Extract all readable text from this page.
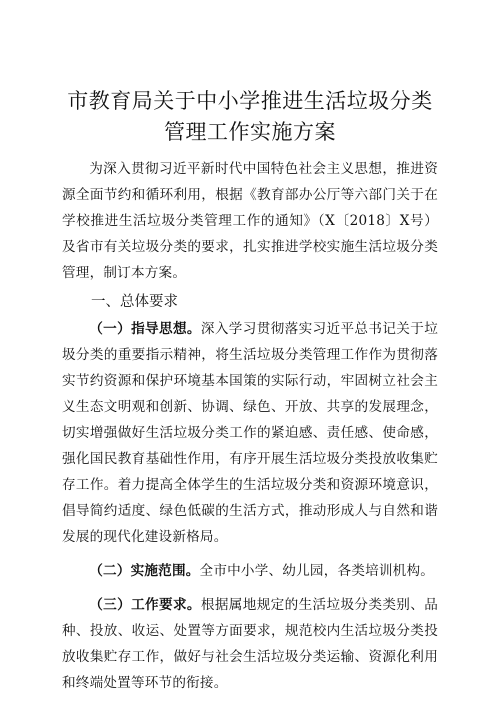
市教育局关于中小学推进生活垃圾分类管理工作实施方案

为深入贯彻习近平新时代中国特色社会主义思想，推进资源全面节约和循环利用，根据《教育部办公厅等六部门关于在学校推进生活垃圾分类管理工作的通知》（X〔2018〕X号）及省市有关垃圾分类的要求，扎实推进学校实施生活垃圾分类管理，制订本方案。

一、总体要求

（一）指导思想。深入学习贯彻落实习近平总书记关于垃圾分类的重要指示精神，将生活垃圾分类管理工作作为贯彻落实节约资源和保护环境基本国策的实际行动，牢固树立社会主义生态文明观和创新、协调、绿色、开放、共享的发展理念，切实增强做好生活垃圾分类工作的紧迫感、责任感、使命感，强化国民教育基础性作用，有序开展生活垃圾分类投放收集贮存工作。着力提高全体学生的生活垃圾分类和资源环境意识，倡导简约适度、绿色低碳的生活方式，推动形成人与自然和谐发展的现代化建设新格局。

（二）实施范围。全市中小学、幼儿园，各类培训机构。

（三）工作要求。根据属地规定的生活垃圾分类类别、品种、投放、收运、处置等方面要求，规范校内生活垃圾分类投放收集贮存工作，做好与社会生活垃圾分类运输、资源化利用和终端处置等环节的衔接。
